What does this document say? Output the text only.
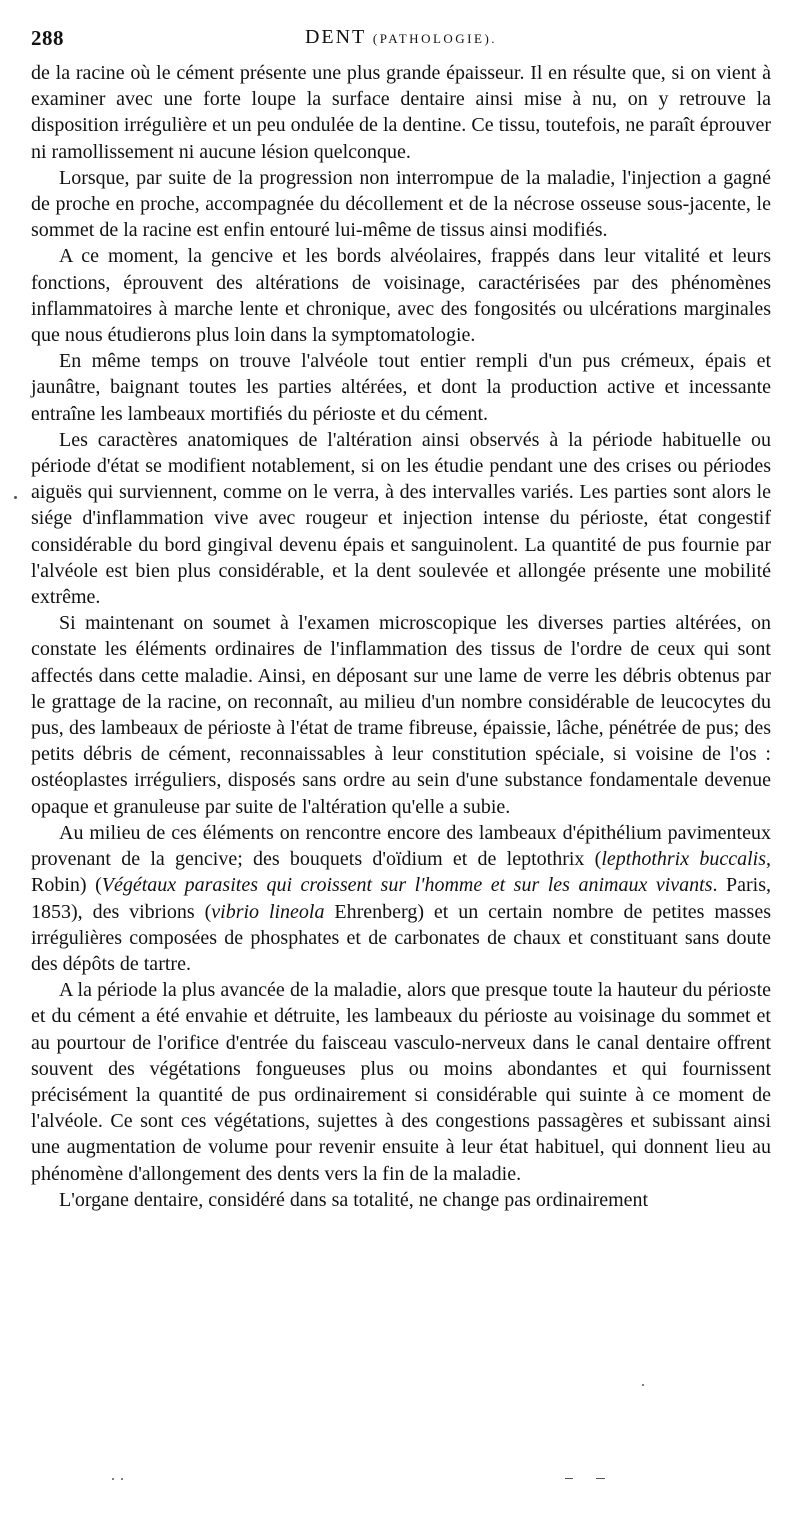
288	DENT (PATHOLOGIE).

de la racine où le cément présente une plus grande épaisseur. Il en résulte que, si on vient à examiner avec une forte loupe la surface dentaire ainsi mise à nu, on y retrouve la disposition irrégulière et un peu ondulée de la dentine. Ce tissu, toutefois, ne paraît éprouver ni ramollissement ni aucune lésion quelconque.

Lorsque, par suite de la progression non interrompue de la maladie, l'injection a gagné de proche en proche, accompagnée du décollement et de la nécrose osseuse sous-jacente, le sommet de la racine est enfin entouré lui-même de tissus ainsi modifiés.

A ce moment, la gencive et les bords alvéolaires, frappés dans leur vitalité et leurs fonctions, éprouvent des altérations de voisinage, caractérisées par des phénomènes inflammatoires à marche lente et chronique, avec des fongosités ou ulcérations marginales que nous étudierons plus loin dans la symptomatologie.

En même temps on trouve l'alvéole tout entier rempli d'un pus crémeux, épais et jaunâtre, baignant toutes les parties altérées, et dont la production active et incessante entraîne les lambeaux mortifiés du périoste et du cément.

Les caractères anatomiques de l'altération ainsi observés à la période habituelle ou période d'état se modifient notablement, si on les étudie pendant une des crises ou périodes aiguës qui surviennent, comme on le verra, à des intervalles variés. Les parties sont alors le siége d'inflammation vive avec rougeur et injection intense du périoste, état congestif considérable du bord gingival devenu épais et sanguinolent. La quantité de pus fournie par l'alvéole est bien plus considérable, et la dent soulevée et allongée présente une mobilité extrême.

Si maintenant on soumet à l'examen microscopique les diverses parties altérées, on constate les éléments ordinaires de l'inflammation des tissus de l'ordre de ceux qui sont affectés dans cette maladie. Ainsi, en déposant sur une lame de verre les débris obtenus par le grattage de la racine, on reconnaît, au milieu d'un nombre considérable de leucocytes du pus, des lambeaux de périoste à l'état de trame fibreuse, épaissie, lâche, pénétrée de pus; des petits débris de cément, reconnaissables à leur constitution spéciale, si voisine de l'os : ostéoplastes irréguliers, disposés sans ordre au sein d'une substance fondamentale devenue opaque et granuleuse par suite de l'altération qu'elle a subie.

Au milieu de ces éléments on rencontre encore des lambeaux d'épithélium pavimenteux provenant de la gencive; des bouquets d'oïdium et de leptothrix (lepthothrix buccalis, Robin) (Végétaux parasites qui croissent sur l'homme et sur les animaux vivants. Paris, 1853), des vibrions (vibrio lineola Ehrenberg) et un certain nombre de petites masses irrégulières composées de phosphates et de carbonates de chaux et constituant sans doute des dépôts de tartre.

A la période la plus avancée de la maladie, alors que presque toute la hauteur du périoste et du cément a été envahie et détruite, les lambeaux du périoste au voisinage du sommet et au pourtour de l'orifice d'entrée du faisceau vasculo-nerveux dans le canal dentaire offrent souvent des végétations fongueuses plus ou moins abondantes et qui fournissent précisément la quantité de pus ordinairement si considérable qui suinte à ce moment de l'alvéole. Ce sont ces végétations, sujettes à des congestions passagères et subissant ainsi une augmentation de volume pour revenir ensuite à leur état habituel, qui donnent lieu au phénomène d'allongement des dents vers la fin de la maladie.

L'organe dentaire, considéré dans sa totalité, ne change pas ordinairement
